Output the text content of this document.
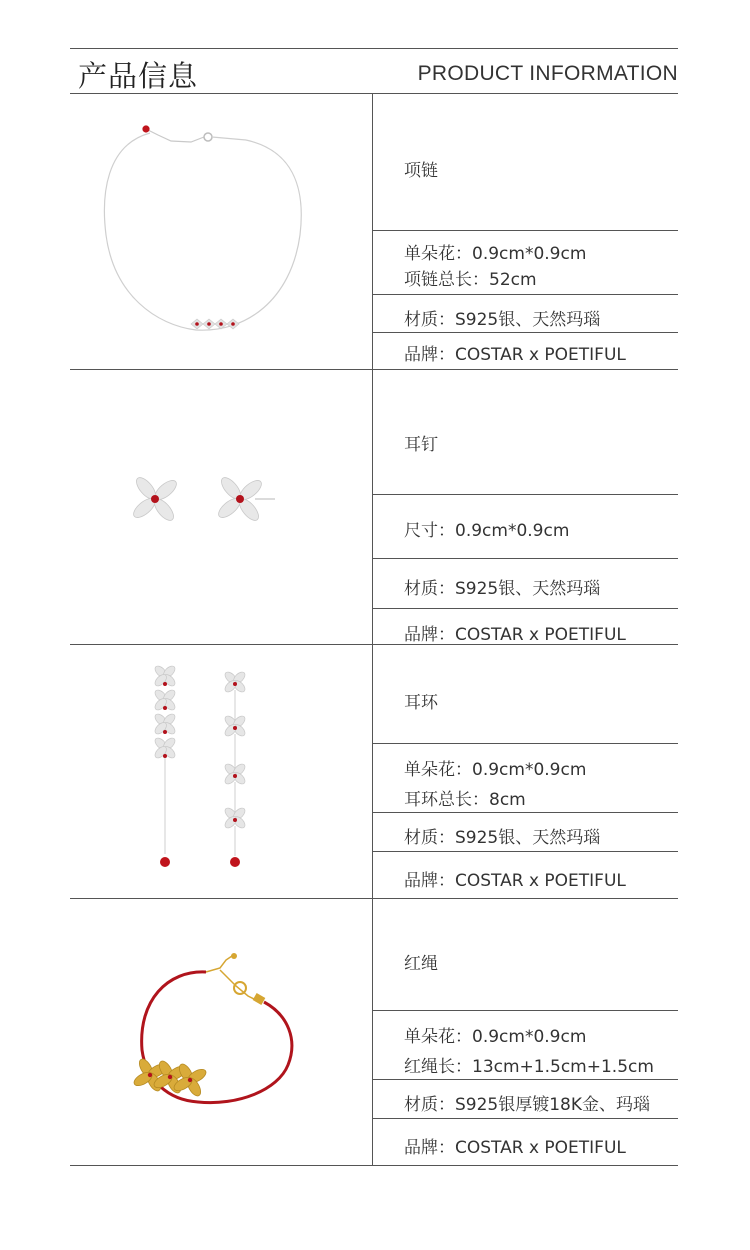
产品信息	PRODUCT INFORMATION
项链
单朵花：0.9cm*0.9cm
项链总长：52cm
材质：S925银、天然玛瑙
品牌：COSTAR x POETIFUL
耳钉
尺寸：0.9cm*0.9cm
材质：S925银、天然玛瑙
品牌：COSTAR x POETIFUL
耳环
单朵花：0.9cm*0.9cm
耳环总长：8cm
材质：S925银、天然玛瑙
品牌：COSTAR x POETIFUL
红绳
单朵花：0.9cm*0.9cm
红绳长：13cm+1.5cm+1.5cm
材质：S925银厚镀18K金、玛瑙
品牌：COSTAR x POETIFUL
